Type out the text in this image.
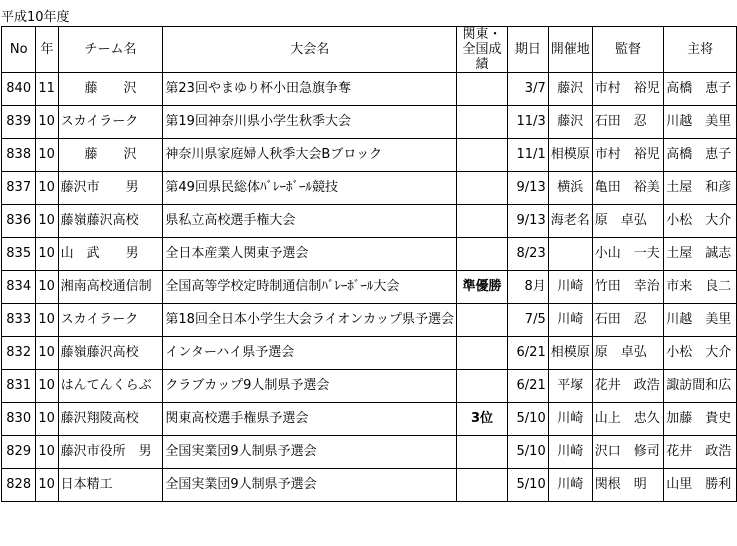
平成10年度
No	年	チーム名	大会名	関東・全国成績	期日	開催地	監督	主将
840	11	藤　　沢	第23回やまゆり杯小田急旗争奪		3/7	藤沢	市村　裕児	高橋　恵子
839	10	スカイラーク	第19回神奈川県小学生秋季大会		11/3	藤沢	石田　忍	川越　美里
838	10	藤　　沢	神奈川県家庭婦人秋季大会Bブロック		11/1	相模原	市村　裕児	高橋　恵子
837	10	藤沢市　　男	第49回県民総体ﾊﾞﾚｰﾎﾞｰﾙ競技		9/13	横浜	亀田　裕美	土屋　和彦
836	10	藤嶺藤沢高校	県私立高校選手権大会		9/13	海老名	原　卓弘	小松　大介
835	10	山　武　　男	全日本産業人関東予選会		8/23		小山　一夫	土屋　誠志
834	10	湘南高校通信制	全国高等学校定時制通信制ﾊﾞﾚｰﾎﾞｰﾙ大会	準優勝	8月	川崎	竹田　幸治	市来　良二
833	10	スカイラーク	第18回全日本小学生大会ライオンカップ県予選会		7/5	川崎	石田　忍	川越　美里
832	10	藤嶺藤沢高校	インターハイ県予選会		6/21	相模原	原　卓弘	小松　大介
831	10	はんてんくらぶ	クラブカップ9人制県予選会		6/21	平塚	花井　政浩	諏訪間和広
830	10	藤沢翔陵高校	関東高校選手権県予選会	3位	5/10	川崎	山上　忠久	加藤　貴史
829	10	藤沢市役所　男	全国実業団9人制県予選会		5/10	川崎	沢口　修司	花井　政浩
828	10	日本精工	全国実業団9人制県予選会		5/10	川崎	関根　明	山里　勝利
